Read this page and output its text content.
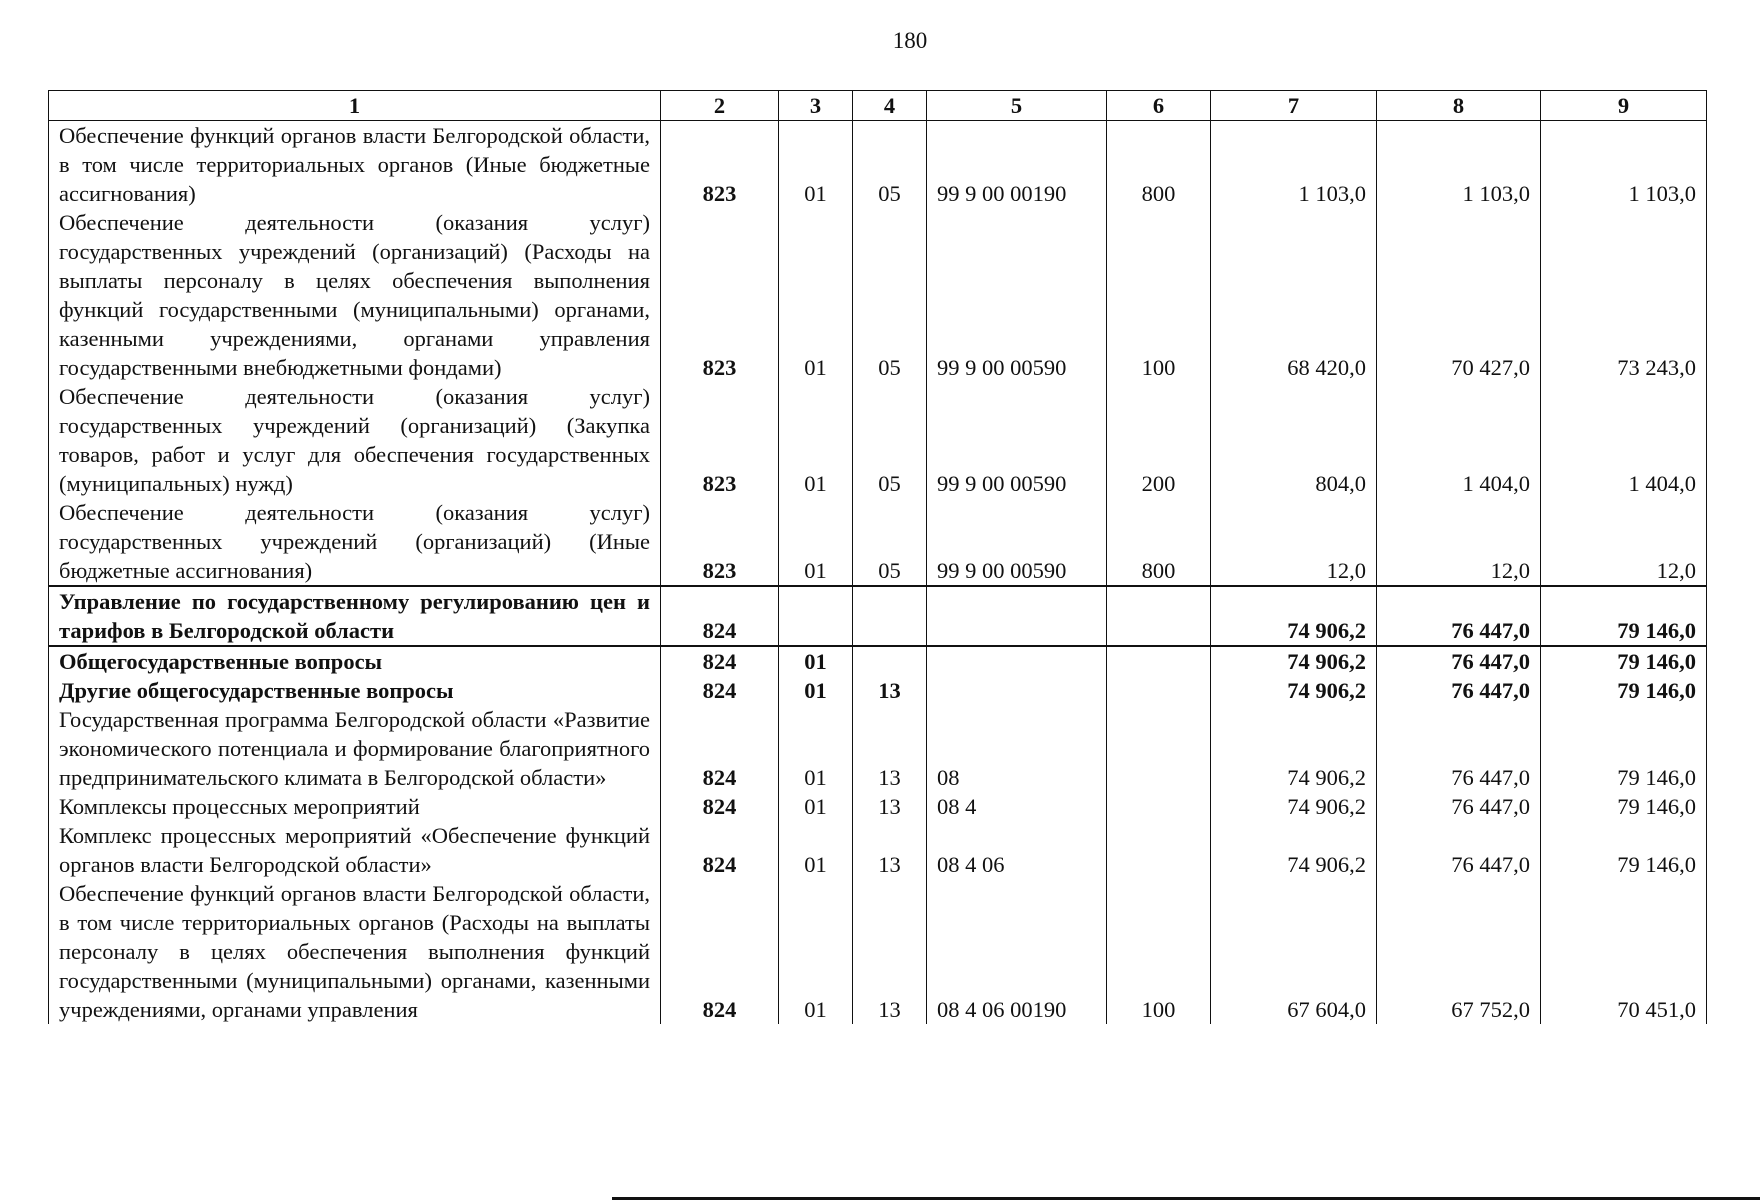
180
1	2	3	4	5	6	7	8	9
Обеспечение функций органов власти Белгородской области, в том числе территориальных органов (Иные бюджетные ассигнования)	823	01	05	99 9 00 00190	800	1 103,0	1 103,0	1 103,0
Обеспечение деятельности (оказания услуг) государственных учреждений (организаций) (Расходы на выплаты персоналу в целях обеспечения выполнения функций государственными (муниципальными) органами, казенными учреждениями, органами управления государственными внебюджетными фондами)	823	01	05	99 9 00 00590	100	68 420,0	70 427,0	73 243,0
Обеспечение деятельности (оказания услуг) государственных учреждений (организаций) (Закупка товаров, работ и услуг для обеспечения государственных (муниципальных) нужд)	823	01	05	99 9 00 00590	200	804,0	1 404,0	1 404,0
Обеспечение деятельности (оказания услуг) государственных учреждений (организаций) (Иные бюджетные ассигнования)	823	01	05	99 9 00 00590	800	12,0	12,0	12,0
Управление по государственному регулированию цен и тарифов в Белгородской области	824					74 906,2	76 447,0	79 146,0
Общегосударственные вопросы	824	01				74 906,2	76 447,0	79 146,0
Другие общегосударственные вопросы	824	01	13			74 906,2	76 447,0	79 146,0
Государственная программа Белгородской области «Развитие экономического потенциала и формирование благоприятного предпринимательского климата в Белгородской области»	824	01	13	08		74 906,2	76 447,0	79 146,0
Комплексы процессных мероприятий	824	01	13	08 4		74 906,2	76 447,0	79 146,0
Комплекс процессных мероприятий «Обеспечение функций органов власти Белгородской области»	824	01	13	08 4 06		74 906,2	76 447,0	79 146,0
Обеспечение функций органов власти Белгородской области, в том числе территориальных органов (Расходы на выплаты персоналу в целях обеспечения выполнения функций государственными (муниципальными) органами, казенными учреждениями, органами управления	824	01	13	08 4 06 00190	100	67 604,0	67 752,0	70 451,0
